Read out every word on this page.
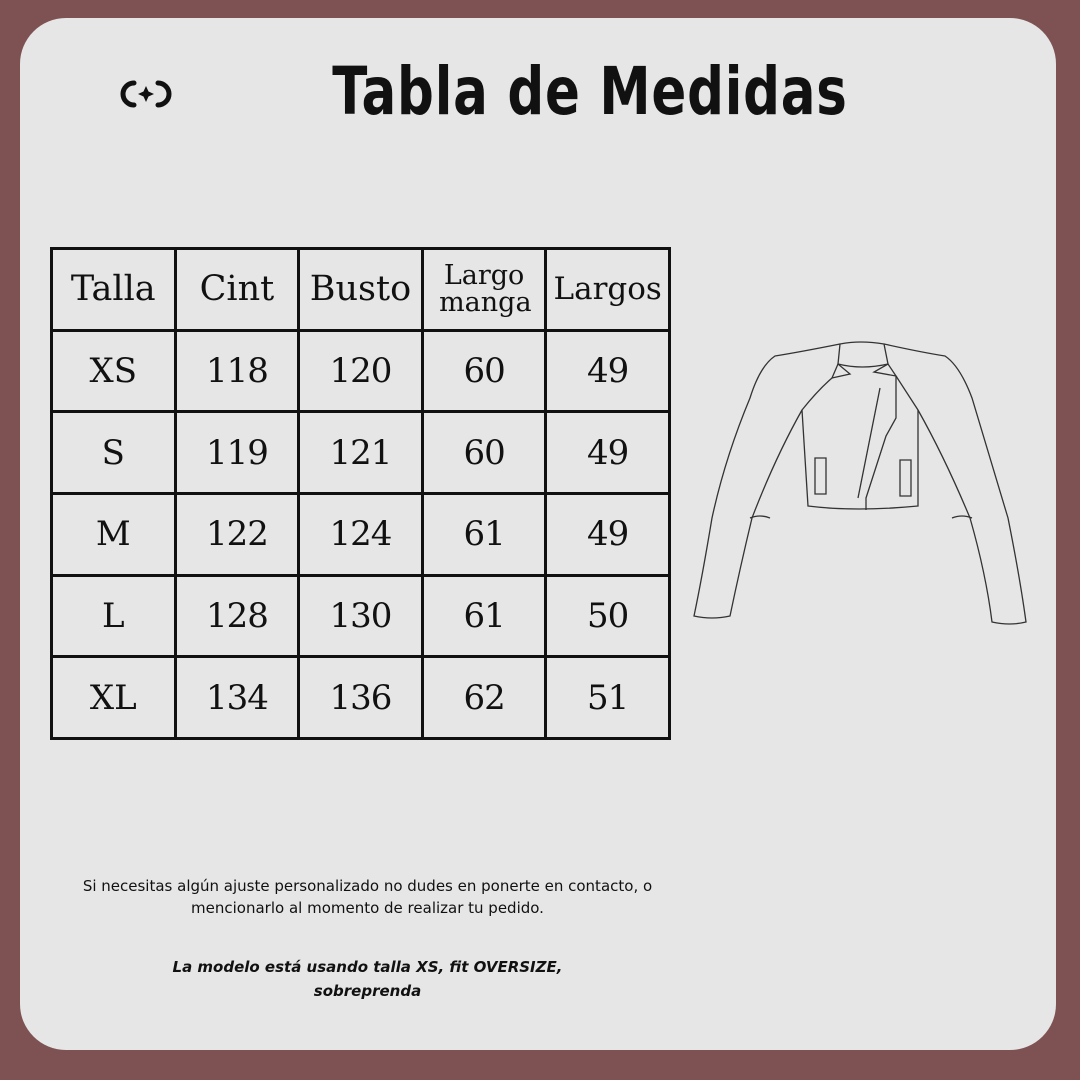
Tabla de Medidas
Talla	Cint	Busto	Largo manga	Largos
XS	118	120	60	49
S	119	121	60	49
M	122	124	61	49
L	128	130	61	50
XL	134	136	62	51
Si necesitas algún ajuste personalizado no dudes en ponerte en contacto, o mencionarlo al momento de realizar tu pedido.
La modelo está usando talla XS, fit OVERSIZE, sobreprenda
